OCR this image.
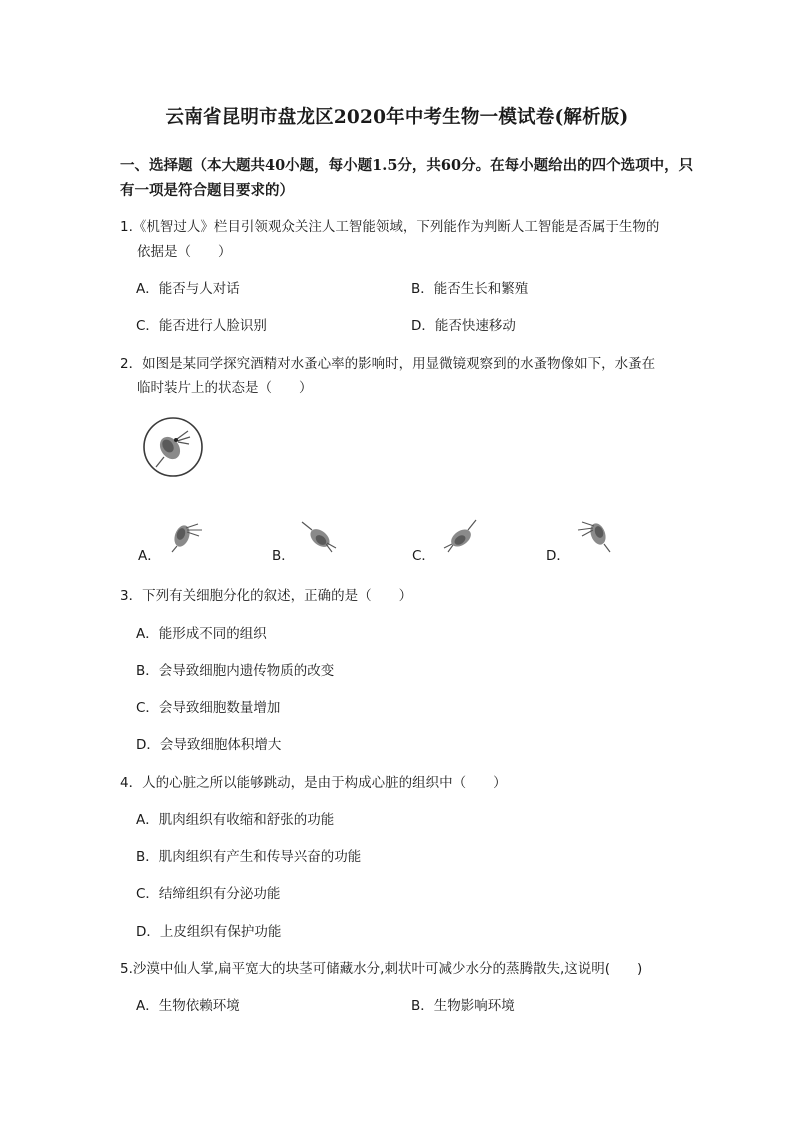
云南省昆明市盘龙区2020年中考生物一模试卷(解析版)
一、选择题（本大题共40小题，每小题1.5分，共60分。在每小题给出的四个选项中，只
有一项是符合题目要求的）
1.《机智过人》栏目引领观众关注人工智能领域，下列能作为判断人工智能是否属于生物的
依据是（　　）
A．能否与人对话	B．能否生长和繁殖
C．能否进行人脸识别	D．能否快速移动
2．如图是某同学探究酒精对水蚤心率的影响时，用显微镜观察到的水蚤物像如下，水蚤在
临时装片上的状态是（　　）
A．	B．	C．	D．
3．下列有关细胞分化的叙述，正确的是（　　）
A．能形成不同的组织
B．会导致细胞内遗传物质的改变
C．会导致细胞数量增加
D．会导致细胞体积增大
4．人的心脏之所以能够跳动，是由于构成心脏的组织中（　　）
A．肌肉组织有收缩和舒张的功能
B．肌肉组织有产生和传导兴奋的功能
C．结缔组织有分泌功能
D．上皮组织有保护功能
5.沙漠中仙人掌,扁平宽大的块茎可储藏水分,刺状叶可减少水分的蒸腾散失,这说明(　　)
A．生物依赖环境	B．生物影响环境
